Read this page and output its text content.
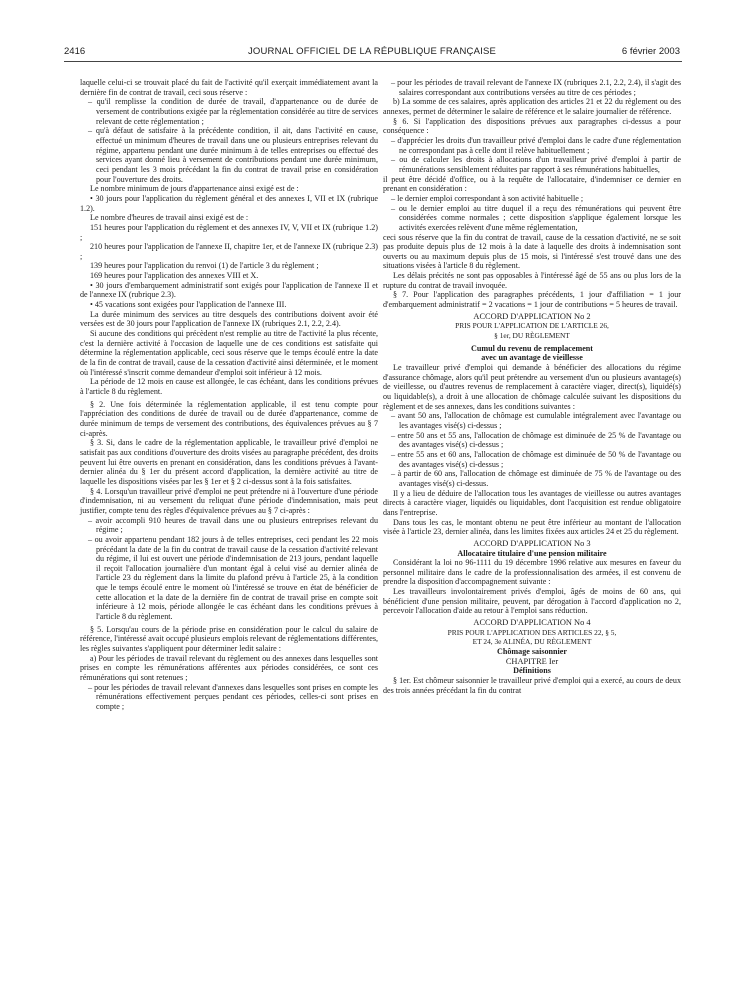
2416	JOURNAL OFFICIEL DE LA RÉPUBLIQUE FRANÇAISE	6 février 2003

laquelle celui-ci se trouvait placé du fait de l'activité qu'il exerçait immédiatement avant la dernière fin de contrat de travail, ceci sous réserve :

– qu'il remplisse la condition de durée de travail, d'appartenance ou de durée de versement de contributions exigée par la réglementation considérée au titre de services relevant de cette réglementation ;

– qu'à défaut de satisfaire à la précédente condition, il ait, dans l'activité en cause, effectué un minimum d'heures de travail dans une ou plusieurs entreprises relevant du régime, appartenu pendant une durée minimum à de telles entreprises ou effectué des services ayant donné lieu à versement de contributions pendant une durée minimum, ceci pendant les 3 mois précédant la fin du contrat de travail prise en considération pour l'ouverture des droits.

Le nombre minimum de jours d'appartenance ainsi exigé est de :

• 30 jours pour l'application du règlement général et des annexes I, VII et IX (rubrique 1.2).

Le nombre d'heures de travail ainsi exigé est de :

151 heures pour l'application du règlement et des annexes IV, V, VII et IX (rubrique 1.2) ;

210 heures pour l'application de l'annexe II, chapitre 1er, et de l'annexe IX (rubrique 2.3) ;

139 heures pour l'application du renvoi (1) de l'article 3 du règlement ;

169 heures pour l'application des annexes VIII et X.

• 30 jours d'embarquement administratif sont exigés pour l'application de l'annexe II et de l'annexe IX (rubrique 2.3).

• 45 vacations sont exigées pour l'application de l'annexe III.

La durée minimum des services au titre desquels des contributions doivent avoir été versées est de 30 jours pour l'application de l'annexe IX (rubriques 2.1, 2.2, 2.4).

Si aucune des conditions qui précèdent n'est remplie au titre de l'activité la plus récente, c'est la dernière activité à l'occasion de laquelle une de ces conditions est satisfaite qui détermine la réglementation applicable, ceci sous réserve que le temps écoulé entre la date de la fin de contrat de travail, cause de la cessation d'activité ainsi déterminée, et le moment où l'intéressé s'inscrit comme demandeur d'emploi soit inférieur à 12 mois.

La période de 12 mois en cause est allongée, le cas échéant, dans les conditions prévues à l'article 8 du règlement.

§ 2. Une fois déterminée la réglementation applicable, il est tenu compte pour l'appréciation des conditions de durée de travail ou de durée d'appartenance, comme de durée minimum de temps de versement des contributions, des équivalences prévues au § 7 ci-après.

§ 3. Si, dans le cadre de la réglementation applicable, le travailleur privé d'emploi ne satisfait pas aux conditions d'ouverture des droits visées au paragraphe précédent, des droits peuvent lui être ouverts en prenant en considération, dans les conditions prévues à l'avant-dernier alinéa du § 1er du présent accord d'application, la dernière activité au titre de laquelle les dispositions visées par les § 1er et § 2 ci-dessus sont à la fois satisfaites.

§ 4. Lorsqu'un travailleur privé d'emploi ne peut prétendre ni à l'ouverture d'une période d'indemnisation, ni au versement du reliquat d'une période d'indemnisation, mais peut justifier, compte tenu des règles d'équivalence prévues au § 7 ci-après :

– avoir accompli 910 heures de travail dans une ou plusieurs entreprises relevant du régime ;

– ou avoir appartenu pendant 182 jours à de telles entreprises, ceci pendant les 22 mois précédant la date de la fin du contrat de travail cause de la cessation d'activité relevant du régime, il lui est ouvert une période d'indemnisation de 213 jours, pendant laquelle il reçoit l'allocation journalière d'un montant égal à celui visé au dernier alinéa de l'article 23 du règlement dans la limite du plafond prévu à l'article 25, à la condition que le temps écoulé entre le moment où l'intéressé se trouve en état de bénéficier de cette allocation et la date de la dernière fin de contrat de travail prise en compte soit inférieure à 12 mois, période allongée le cas échéant dans les conditions prévues à l'article 8 du règlement.

§ 5. Lorsqu'au cours de la période prise en considération pour le calcul du salaire de référence, l'intéressé avait occupé plusieurs emplois relevant de réglementations différentes, les règles suivantes s'appliquent pour déterminer ledit salaire :

a) Pour les périodes de travail relevant du règlement ou des annexes dans lesquelles sont prises en compte les rémunérations afférentes aux périodes considérées, ce sont ces rémunérations qui sont retenues ;

– pour les périodes de travail relevant d'annexes dans lesquelles sont prises en compte les rémunérations effectivement perçues pendant ces périodes, celles-ci sont prises en compte ;

– pour les périodes de travail relevant de l'annexe IX (rubriques 2.1, 2.2, 2.4), il s'agit des salaires correspondant aux contributions versées au titre de ces périodes ;

b) La somme de ces salaires, après application des articles 21 et 22 du règlement ou des annexes, permet de déterminer le salaire de référence et le salaire journalier de référence.

§ 6. Si l'application des dispositions prévues aux paragraphes ci-dessus a pour conséquence :

– d'apprécier les droits d'un travailleur privé d'emploi dans le cadre d'une réglementation ne correspondant pas à celle dont il relève habituellement ;

– ou de calculer les droits à allocations d'un travailleur privé d'emploi à partir de rémunérations sensiblement réduites par rapport à ses rémunérations habituelles,

il peut être décidé d'office, ou à la requête de l'allocataire, d'indemniser ce dernier en prenant en considération :

– le dernier emploi correspondant à son activité habituelle ;

– ou le dernier emploi au titre duquel il a reçu des rémunérations qui peuvent être considérées comme normales ; cette disposition s'applique également lorsque les activités exercées relèvent d'une même réglementation,

ceci sous réserve que la fin du contrat de travail, cause de la cessation d'activité, ne se soit pas produite depuis plus de 12 mois à la date à laquelle des droits à indemnisation sont ouverts ou au maximum depuis plus de 15 mois, si l'intéressé s'est trouvé dans une des situations visées à l'article 8 du règlement.

Les délais précités ne sont pas opposables à l'intéressé âgé de 55 ans ou plus lors de la rupture du contrat de travail invoquée.

§ 7. Pour l'application des paragraphes précédents, 1 jour d'affiliation = 1 jour d'embarquement administratif = 2 vacations = 1 jour de contributions = 5 heures de travail.

ACCORD D'APPLICATION No 2

PRIS POUR L'APPLICATION DE L'ARTICLE 26,

§ 1er, DU RÈGLEMENT

Cumul du revenu de remplacement

avec un avantage de vieillesse

Le travailleur privé d'emploi qui demande à bénéficier des allocations du régime d'assurance chômage, alors qu'il peut prétendre au versement d'un ou plusieurs avantage(s) de vieillesse, ou d'autres revenus de remplacement à caractère viager, direct(s), liquidé(s) ou liquidable(s), a droit à une allocation de chômage calculée suivant les dispositions du règlement et de ses annexes, dans les conditions suivantes :

– avant 50 ans, l'allocation de chômage est cumulable intégralement avec l'avantage ou les avantages visé(s) ci-dessus ;

– entre 50 ans et 55 ans, l'allocation de chômage est diminuée de 25 % de l'avantage ou des avantages visé(s) ci-dessus ;

– entre 55 ans et 60 ans, l'allocation de chômage est diminuée de 50 % de l'avantage ou des avantages visé(s) ci-dessus ;

– à partir de 60 ans, l'allocation de chômage est diminuée de 75 % de l'avantage ou des avantages visé(s) ci-dessus.

Il y a lieu de déduire de l'allocation tous les avantages de vieillesse ou autres avantages directs à caractère viager, liquidés ou liquidables, dont l'acquisition est rendue obligatoire dans l'entreprise.

Dans tous les cas, le montant obtenu ne peut être inférieur au montant de l'allocation visée à l'article 23, dernier alinéa, dans les limites fixées aux articles 24 et 25 du règlement.

ACCORD D'APPLICATION No 3

Allocataire titulaire d'une pension militaire

Considérant la loi no 96-1111 du 19 décembre 1996 relative aux mesures en faveur du personnel militaire dans le cadre de la professionnalisation des armées, il est convenu de prendre la disposition d'accompagnement suivante :

Les travailleurs involontairement privés d'emploi, âgés de moins de 60 ans, qui bénéficient d'une pension militaire, peuvent, par dérogation à l'accord d'application no 2, percevoir l'allocation d'aide au retour à l'emploi sans réduction.

ACCORD D'APPLICATION No 4

PRIS POUR L'APPLICATION DES ARTICLES 22, § 5,

ET 24, 3e ALINÉA, DU RÈGLEMENT

Chômage saisonnier

CHAPITRE Ier

Définitions

§ 1er. Est chômeur saisonnier le travailleur privé d'emploi qui a exercé, au cours de deux des trois années précédant la fin du contrat
